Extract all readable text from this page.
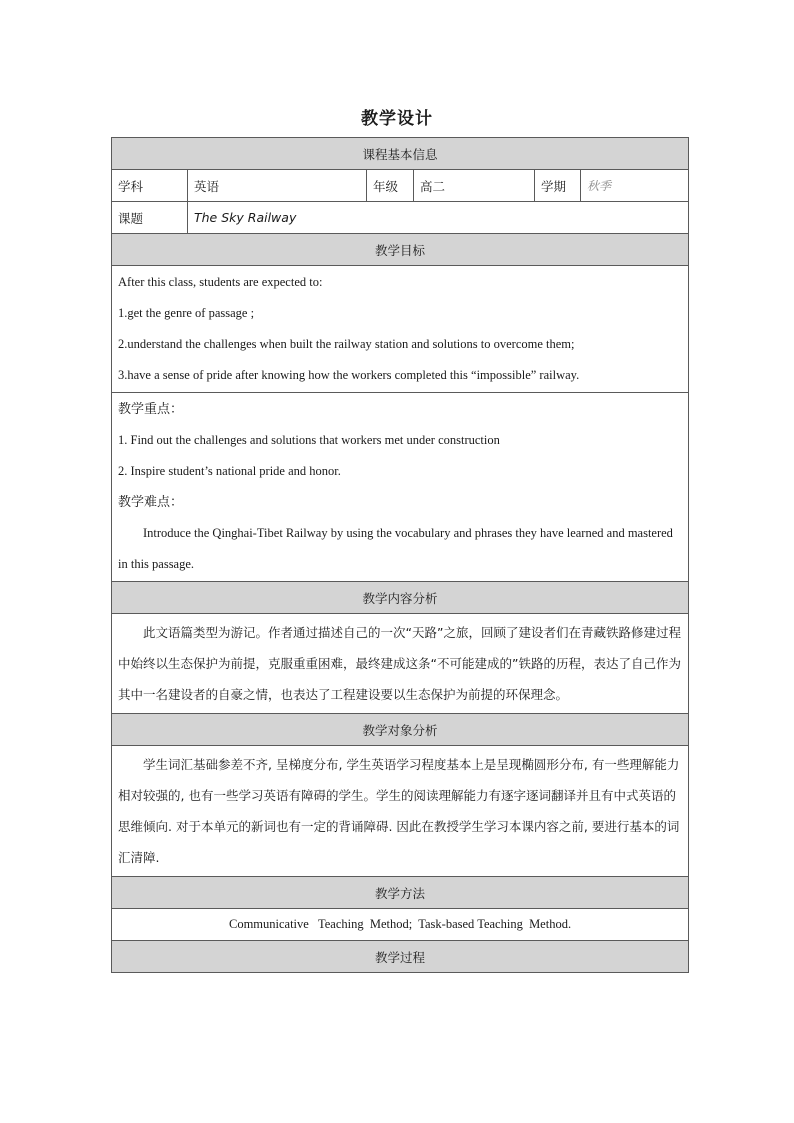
教学设计
课程基本信息					
学科	英语	年级	高二	学期	秋季
课题	The Sky Railway				
教学目标					

After this class, students are expected to:
1.get the genre of passage ;
2.understand the challenges when built the railway station and solutions to overcome them;
3.have a sense of pride after knowing how the workers completed this “impossible” railway.					

教学重点：
1. Find out the challenges and solutions that workers met under construction
2. Inspire student’s national pride and honor.
教学难点：
Introduce the Qinghai-Tibet Railway by using the vocabulary and phrases they have learned and mastered in this passage.					

教学内容分析					
此文语篇类型为游记。作者通过描述自己的一次“天路”之旅，回顾了建设者们在青藏铁路修建过程中始终以生态保护为前提，克服重重困难，最终建成这条“不可能建成的”铁路的历程，表达了自己作为其中一名建设者的自豪之情，也表达了工程建设要以生态保护为前提的环保理念。					
教学对象分析					
学生词汇基础参差不齐, 呈梯度分布, 学生英语学习程度基本上是呈现椭圆形分布, 有一些理解能力相对较强的, 也有一些学习英语有障碍的学生。学生的阅读理解能力有逐字逐词翻译并且有中式英语的思维倾向. 对于本单元的新词也有一定的背诵障碍. 因此在教授学生学习本课内容之前, 要进行基本的词汇清障.					
教学方法					
Communicative   Teaching  Method;  Task-based Teaching  Method.					
教学过程					
